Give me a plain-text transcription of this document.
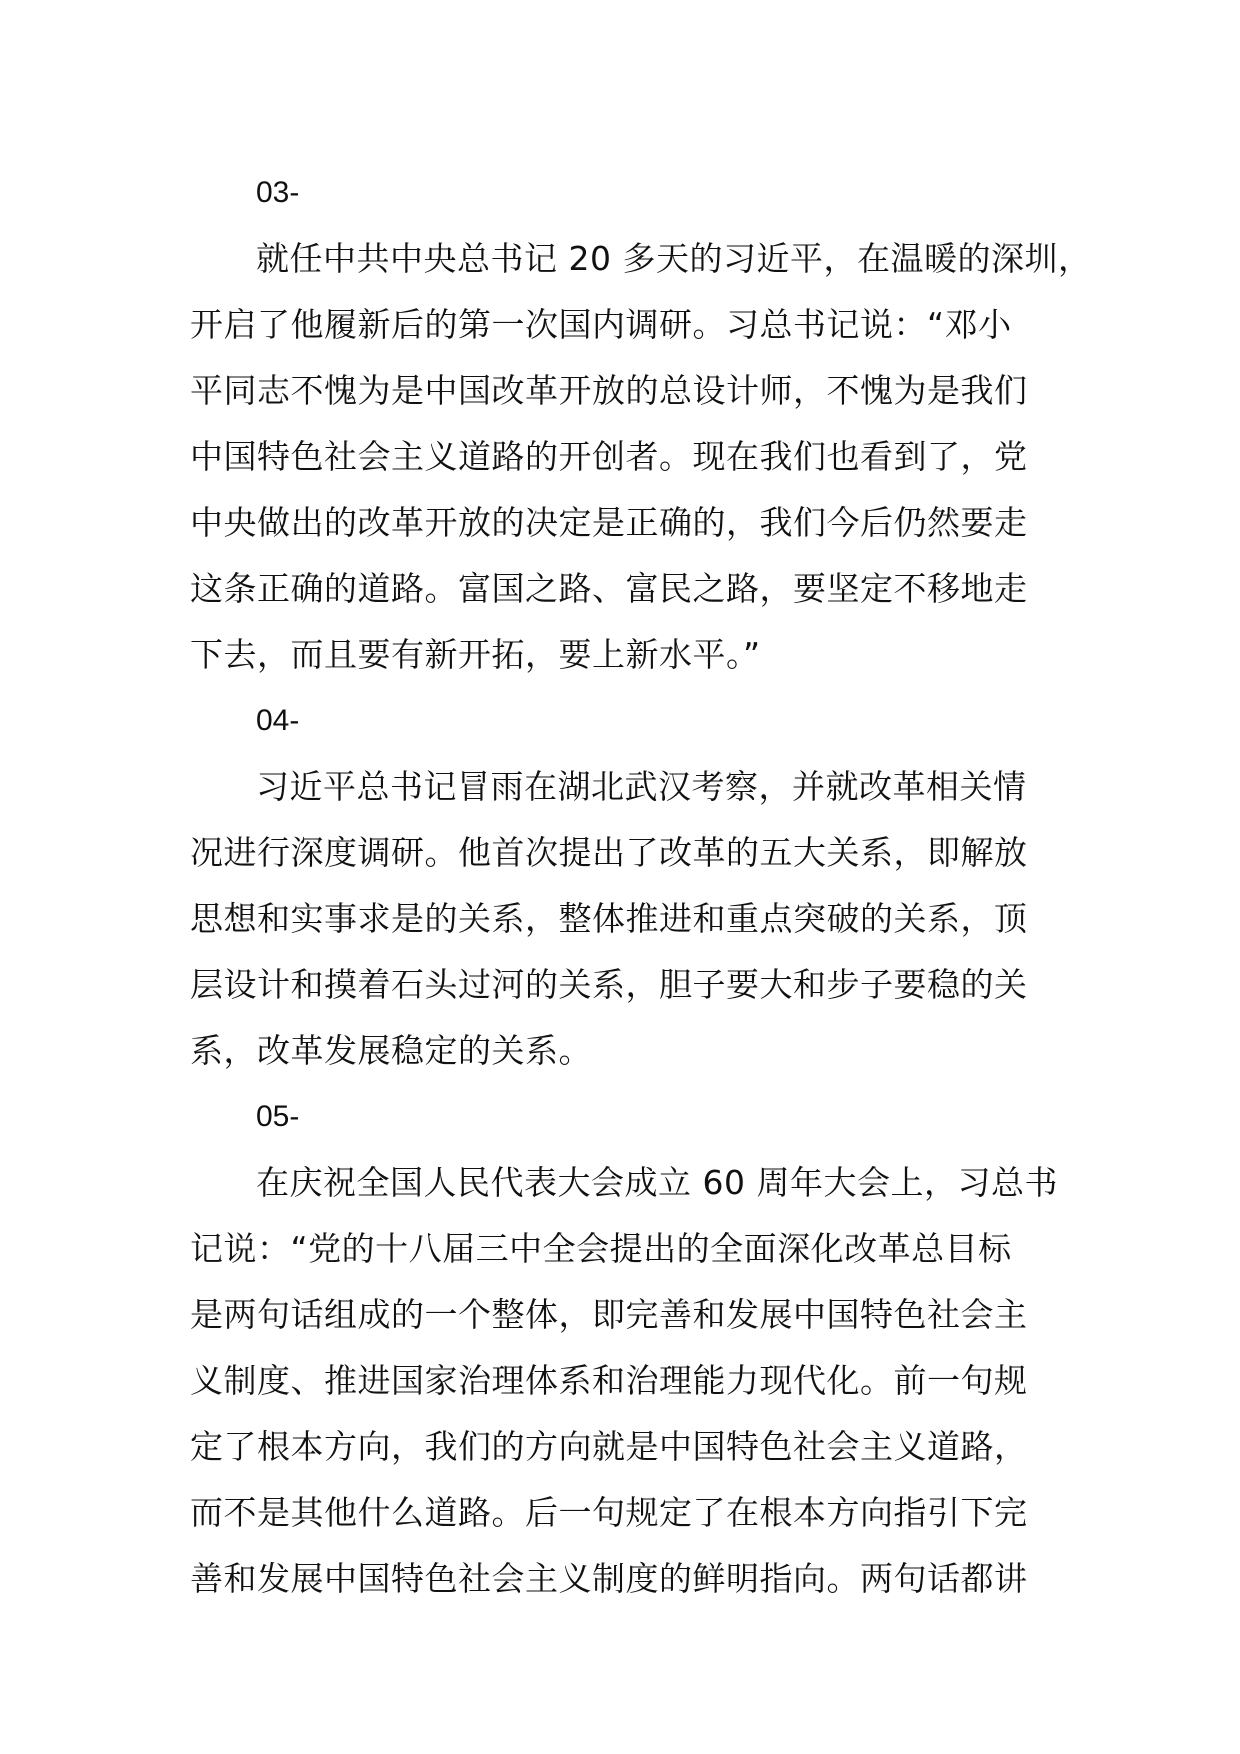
03-
就任中共中央总书记 20 多天的习近平，在温暖的深圳，
开启了他履新后的第一次国内调研。习总书记说：“邓小
平同志不愧为是中国改革开放的总设计师，不愧为是我们
中国特色社会主义道路的开创者。现在我们也看到了，党
中央做出的改革开放的决定是正确的，我们今后仍然要走
这条正确的道路。富国之路、富民之路，要坚定不移地走
下去，而且要有新开拓，要上新水平。”
04-
习近平总书记冒雨在湖北武汉考察，并就改革相关情
况进行深度调研。他首次提出了改革的五大关系，即解放
思想和实事求是的关系，整体推进和重点突破的关系，顶
层设计和摸着石头过河的关系，胆子要大和步子要稳的关
系，改革发展稳定的关系。
05-
在庆祝全国人民代表大会成立 60 周年大会上，习总书
记说：“党的十八届三中全会提出的全面深化改革总目标
是两句话组成的一个整体，即完善和发展中国特色社会主
义制度、推进国家治理体系和治理能力现代化。前一句规
定了根本方向，我们的方向就是中国特色社会主义道路，
而不是其他什么道路。后一句规定了在根本方向指引下完
善和发展中国特色社会主义制度的鲜明指向。两句话都讲
